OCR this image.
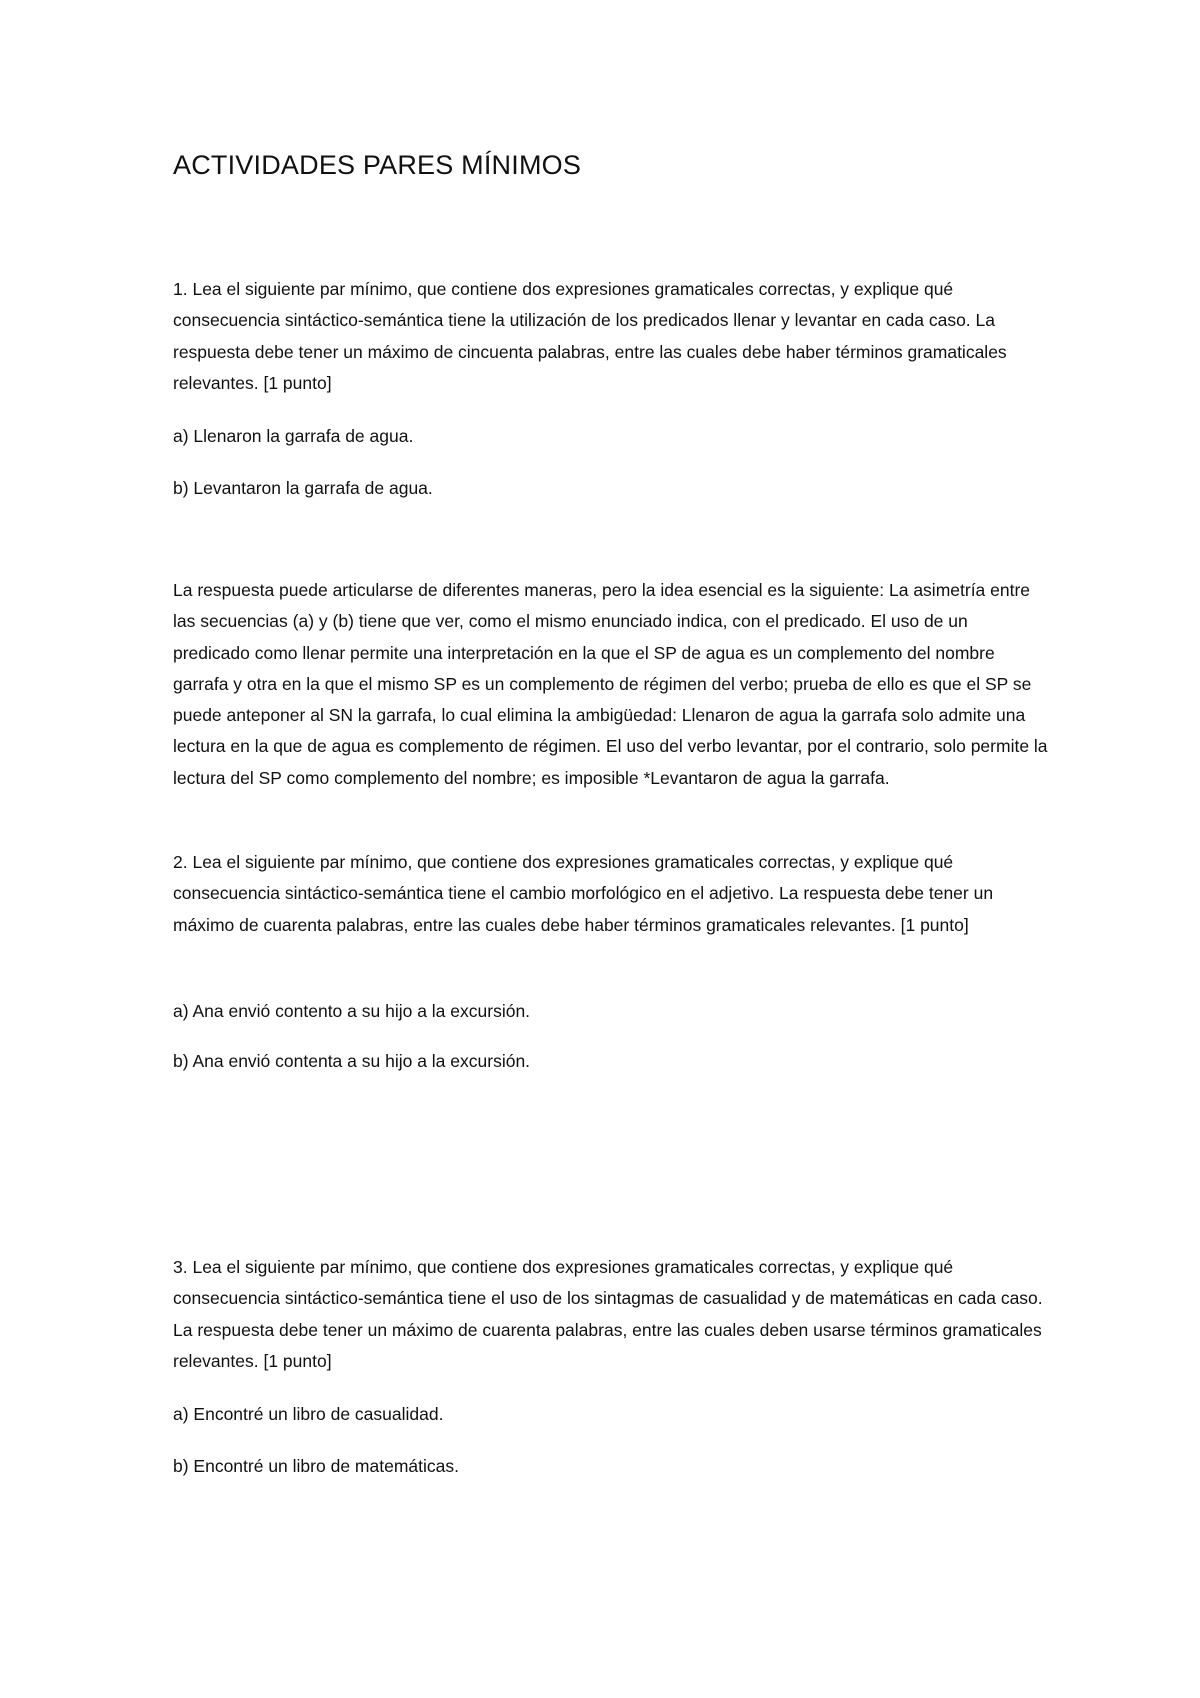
ACTIVIDADES PARES MÍNIMOS

1. Lea el siguiente par mínimo, que contiene dos expresiones gramaticales correctas, y explique qué consecuencia sintáctico-semántica tiene la utilización de los predicados llenar y levantar en cada caso. La respuesta debe tener un máximo de cincuenta palabras, entre las cuales debe haber términos gramaticales relevantes. [1 punto]

a) Llenaron la garrafa de agua.

b) Levantaron la garrafa de agua.

La respuesta puede articularse de diferentes maneras, pero la idea esencial es la siguiente: La asimetría entre las secuencias (a) y (b) tiene que ver, como el mismo enunciado indica, con el predicado. El uso de un predicado como llenar permite una interpretación en la que el SP de agua es un complemento del nombre garrafa y otra en la que el mismo SP es un complemento de régimen del verbo; prueba de ello es que el SP se puede anteponer al SN la garrafa, lo cual elimina la ambigüedad: Llenaron de agua la garrafa solo admite una lectura en la que de agua es complemento de régimen. El uso del verbo levantar, por el contrario, solo permite la lectura del SP como complemento del nombre; es imposible *Levantaron de agua la garrafa.

2. Lea el siguiente par mínimo, que contiene dos expresiones gramaticales correctas, y explique qué consecuencia sintáctico-semántica tiene el cambio morfológico en el adjetivo. La respuesta debe tener un máximo de cuarenta palabras, entre las cuales debe haber términos gramaticales relevantes. [1 punto]

a) Ana envió contento a su hijo a la excursión.

b) Ana envió contenta a su hijo a la excursión.

3. Lea el siguiente par mínimo, que contiene dos expresiones gramaticales correctas, y explique qué consecuencia sintáctico-semántica tiene el uso de los sintagmas de casualidad y de matemáticas en cada caso. La respuesta debe tener un máximo de cuarenta palabras, entre las cuales deben usarse términos gramaticales relevantes. [1 punto]

a) Encontré un libro de casualidad.

b) Encontré un libro de matemáticas.
